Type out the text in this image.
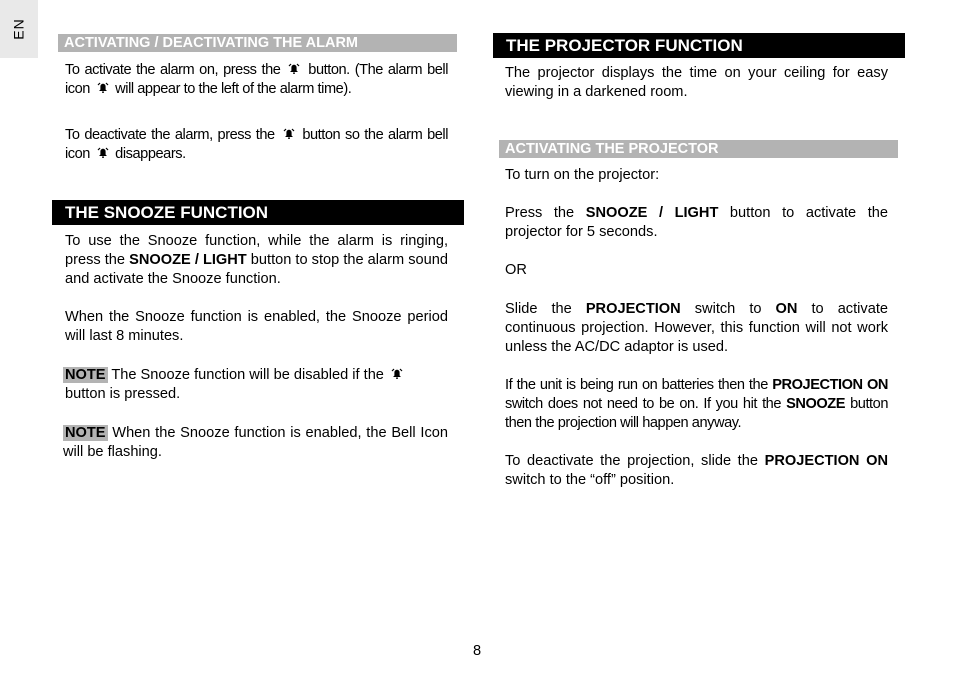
EN
ACTIVATING / DEACTIVATING THE ALARM

To activate the alarm on, press the  button. (The alarm bell icon  will appear to the left of the alarm time).

To deactivate the alarm, press the  button so the alarm bell icon  disappears.

THE SNOOZE FUNCTION

To use the Snooze function, while the alarm is ringing, press the SNOOZE / LIGHT button to stop the alarm sound and activate the Snooze function.

When the Snooze function is enabled, the Snooze period will last 8 minutes.

NOTE The Snooze function will be disabled if the
button is pressed.

NOTE When the Snooze function is enabled, the Bell Icon will be flashing.

THE PROJECTOR FUNCTION

The projector displays the time on your ceiling for easy viewing in a darkened room.

ACTIVATING THE PROJECTOR

To turn on the projector:

Press the SNOOZE / LIGHT button to activate the projector for 5 seconds.

OR

Slide the PROJECTION switch to ON to activate continuous projection. However, this function will not work unless the AC/DC adaptor is used.

If the unit is being run on batteries then the PROJECTION ON switch does not need to be on. If you hit the SNOOZE button then the projection will happen anyway.

To deactivate the projection, slide the PROJECTION ON switch to the “off” position.

8
